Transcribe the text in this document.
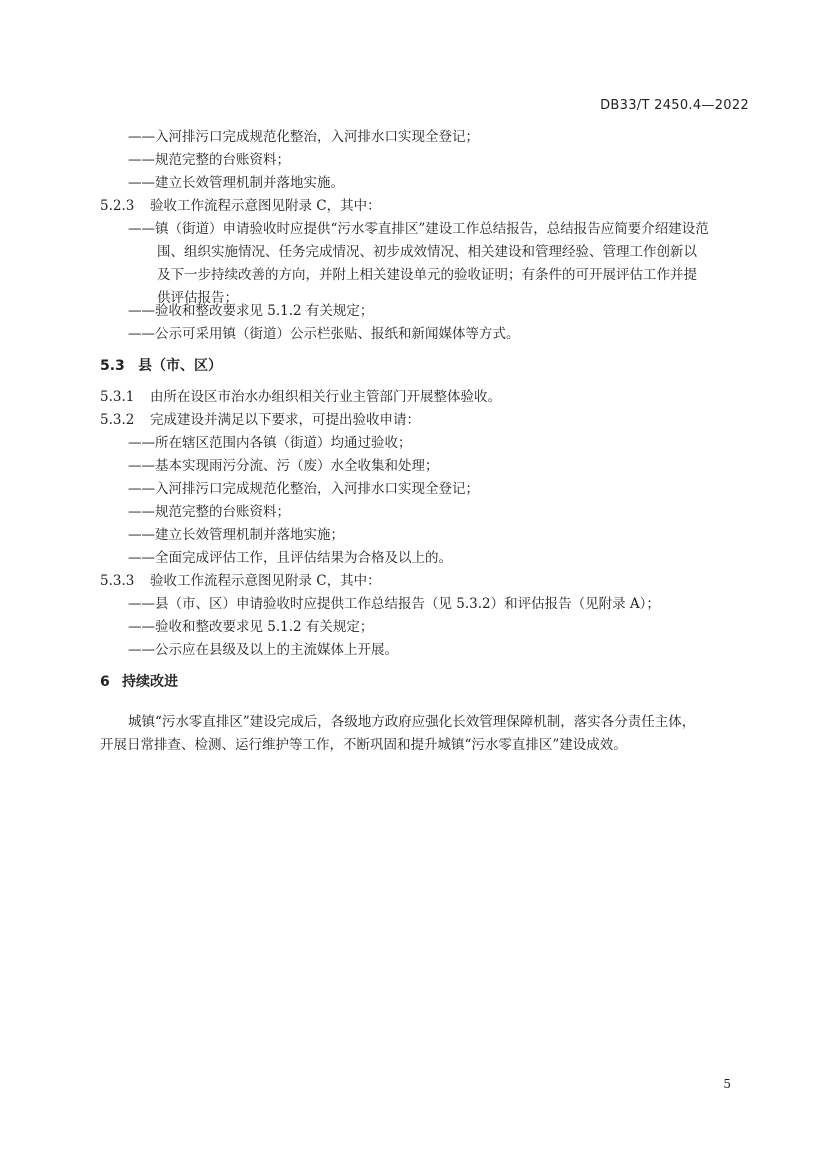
DB33/T 2450.4—2022
——入河排污口完成规范化整治，入河排水口实现全登记；
——规范完整的台账资料；
——建立长效管理机制并落地实施。
5.2.3 验收工作流程示意图见附录 C，其中：
——镇（街道）申请验收时应提供“污水零直排区”建设工作总结报告，总结报告应简要介绍建设范
围、组织实施情况、任务完成情况、初步成效情况、相关建设和管理经验、管理工作创新以
及下一步持续改善的方向，并附上相关建设单元的验收证明；有条件的可开展评估工作并提
供评估报告；
——验收和整改要求见 5.1.2 有关规定；
——公示可采用镇（街道）公示栏张贴、报纸和新闻媒体等方式。
5.3 县（市、区）
5.3.1 由所在设区市治水办组织相关行业主管部门开展整体验收。
5.3.2 完成建设并满足以下要求，可提出验收申请：
——所在辖区范围内各镇（街道）均通过验收；
——基本实现雨污分流、污（废）水全收集和处理；
——入河排污口完成规范化整治，入河排水口实现全登记；
——规范完整的台账资料；
——建立长效管理机制并落地实施；
——全面完成评估工作，且评估结果为合格及以上的。
5.3.3 验收工作流程示意图见附录 C，其中：
——县（市、区）申请验收时应提供工作总结报告（见 5.3.2）和评估报告（见附录 A）；
——验收和整改要求见 5.1.2 有关规定；
——公示应在县级及以上的主流媒体上开展。
6 持续改进
城镇“污水零直排区”建设完成后，各级地方政府应强化长效管理保障机制，落实各分责任主体，
开展日常排查、检测、运行维护等工作，不断巩固和提升城镇“污水零直排区”建设成效。
5
